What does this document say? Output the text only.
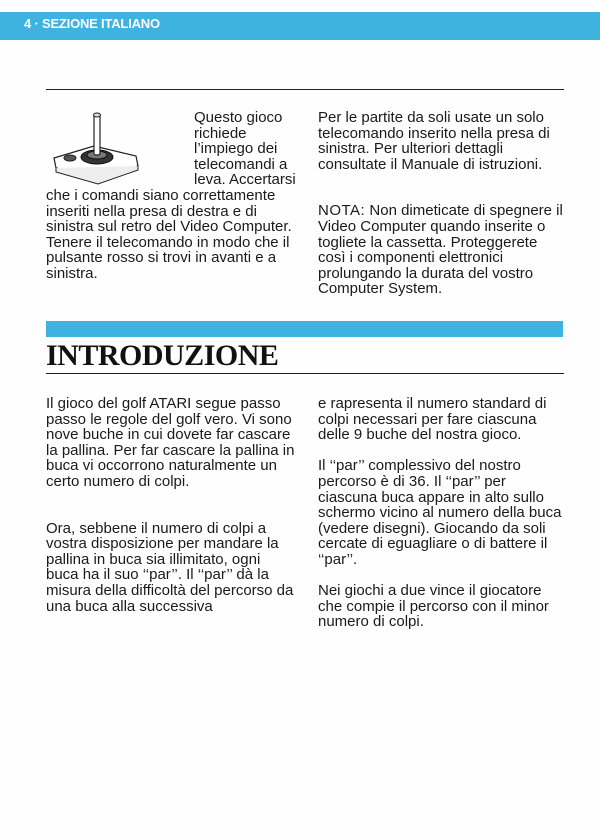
4 · SEZIONE ITALIANO

Questo gioco richiede l’impiego dei telecomandi a leva. Accertarsi che i comandi siano correttamente inseriti nella presa di destra e di sinistra sul retro del Video Computer. Tenere il telecomando in modo che il pulsante rosso si trovi in avanti e a sinistra.

Per le partite da soli usate un solo telecomando inserito nella presa di sinistra. Per ulteriori dettagli consultate il Manuale di istruzioni.

NOTA: Non dimeticate di spegnere il Video Computer quando inserite o togliete la cassetta. Proteggerete così i componenti elettronici prolungando la durata del vostro Computer System.

INTRODUZIONE

Il gioco del golf ATARI segue passo passo le regole del golf vero. Vi sono nove buche in cui dovete far cascare la pallina. Per far cascare la pallina in buca vi occorrono naturalmente un certo numero di colpi.

Ora, sebbene il numero di colpi a vostra disposizione per mandare la pallina in buca sia illimitato, ogni buca ha il suo ‘‘par’’. Il ‘‘par’’ dà la misura della difficoltà del percorso da una buca alla successiva

e rapresenta il numero standard di colpi necessari per fare ciascuna delle 9 buche del nostra gioco.

Il ‘‘par’’ complessivo del nostro percorso è di 36. Il ‘‘par’’ per ciascuna buca appare in alto sullo schermo vicino al numero della buca (vedere disegni). Giocando da soli cercate di eguagliare o di battere il ‘‘par’’.

Nei giochi a due vince il giocatore che compie il percorso con il minor numero di colpi.
